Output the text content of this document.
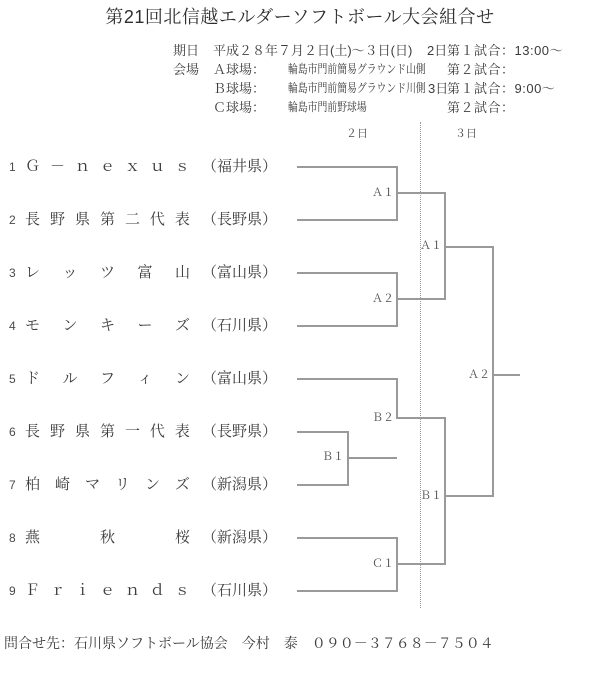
第21回北信越エルダーソフトボール大会組合せ
期日 平成２８年７月２日(土)～３日(日) 2日 第１試合：13:00～
会場 Ａ球場： 輪島市門前簡易グラウンド山側 第２試合：
Ｂ球場： 輪島市門前簡易グラウンド川側 3日
第１試合：9:00～
Ｃ球場： 輪島市門前野球場	第２試合：
２日	３日
1 Ｇ － ｎ ｅ ｘ ｕ ｓ （福井県）
2 長 野 県 第 二 代 表 （長野県）
3 レ ッ ツ 富 山 （富山県）
4 モ ン キ ー ズ （石川県）
5 ド ル フ ィ ン （富山県）
6 長 野 県 第 一 代 表 （長野県）
7 柏 崎 マ リ ン ズ （新潟県）
8 燕	秋	桜 （新潟県）
9 Ｆ ｒ ｉ ｅ ｎ ｄ ｓ （石川県）
Ａ１
Ａ２
Ｂ１
Ｂ２
Ｃ１
Ａ１
Ｂ１
Ａ２
問合せ先：石川県ソフトボール協会　今村　泰　０９０－３７６８－７５０４
